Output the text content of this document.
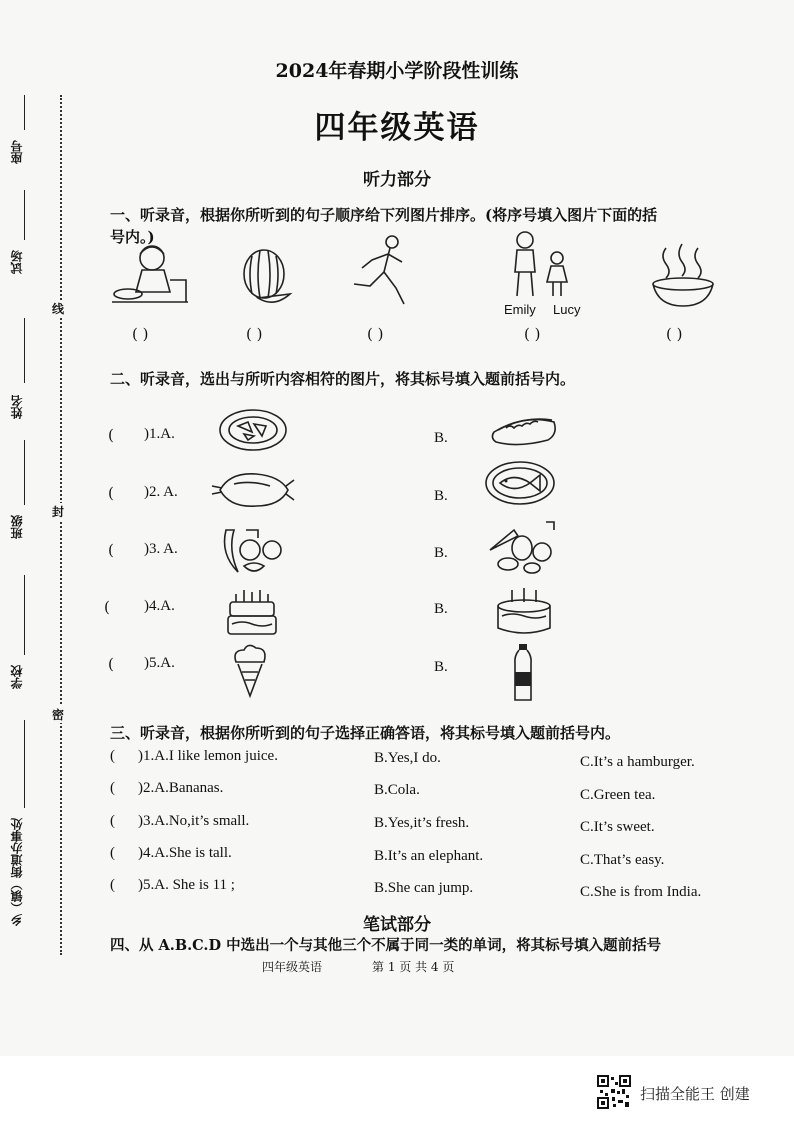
线
封
密
座号
试场
姓名
班级
学校
乡（镇）街道办事处
2024年春期小学阶段性训练
四年级英语
听力部分
一、听录音，根据你所听到的句子顺序给下列图片排序。(将序号填入图片下面的括
号内。)
Emily Lucy
( )	( )	( )	( )	( )
二、听录音，选出与所听内容相符的图片，将其标号填入题前括号内。
( )1.A.	B.
( )2. A.	B.
( )3. A.	B.
( )4.A.	B.
( )5.A.	B.
三、听录音，根据你所听到的句子选择正确答语，将其标号填入题前括号内。
( )1.A.I like lemon juice.	B.Yes,I do.	C.It’s a hamburger.
( )2.A.Bananas.	B.Cola.	C.Green tea.
( )3.A.No,it’s small.	B.Yes,it’s fresh.	C.It’s sweet.
( )4.A.She is tall.	B.It’s an elephant.	C.That’s easy.
( )5.A. She is 11 ;	B.She can jump.	C.She is from India.
笔试部分
四、从 A.B.C.D 中选出一个与其他三个不属于同一类的单词，将其标号填入题前括号
四年级英语	第 1 页 共 4 页
扫描全能王 创建
